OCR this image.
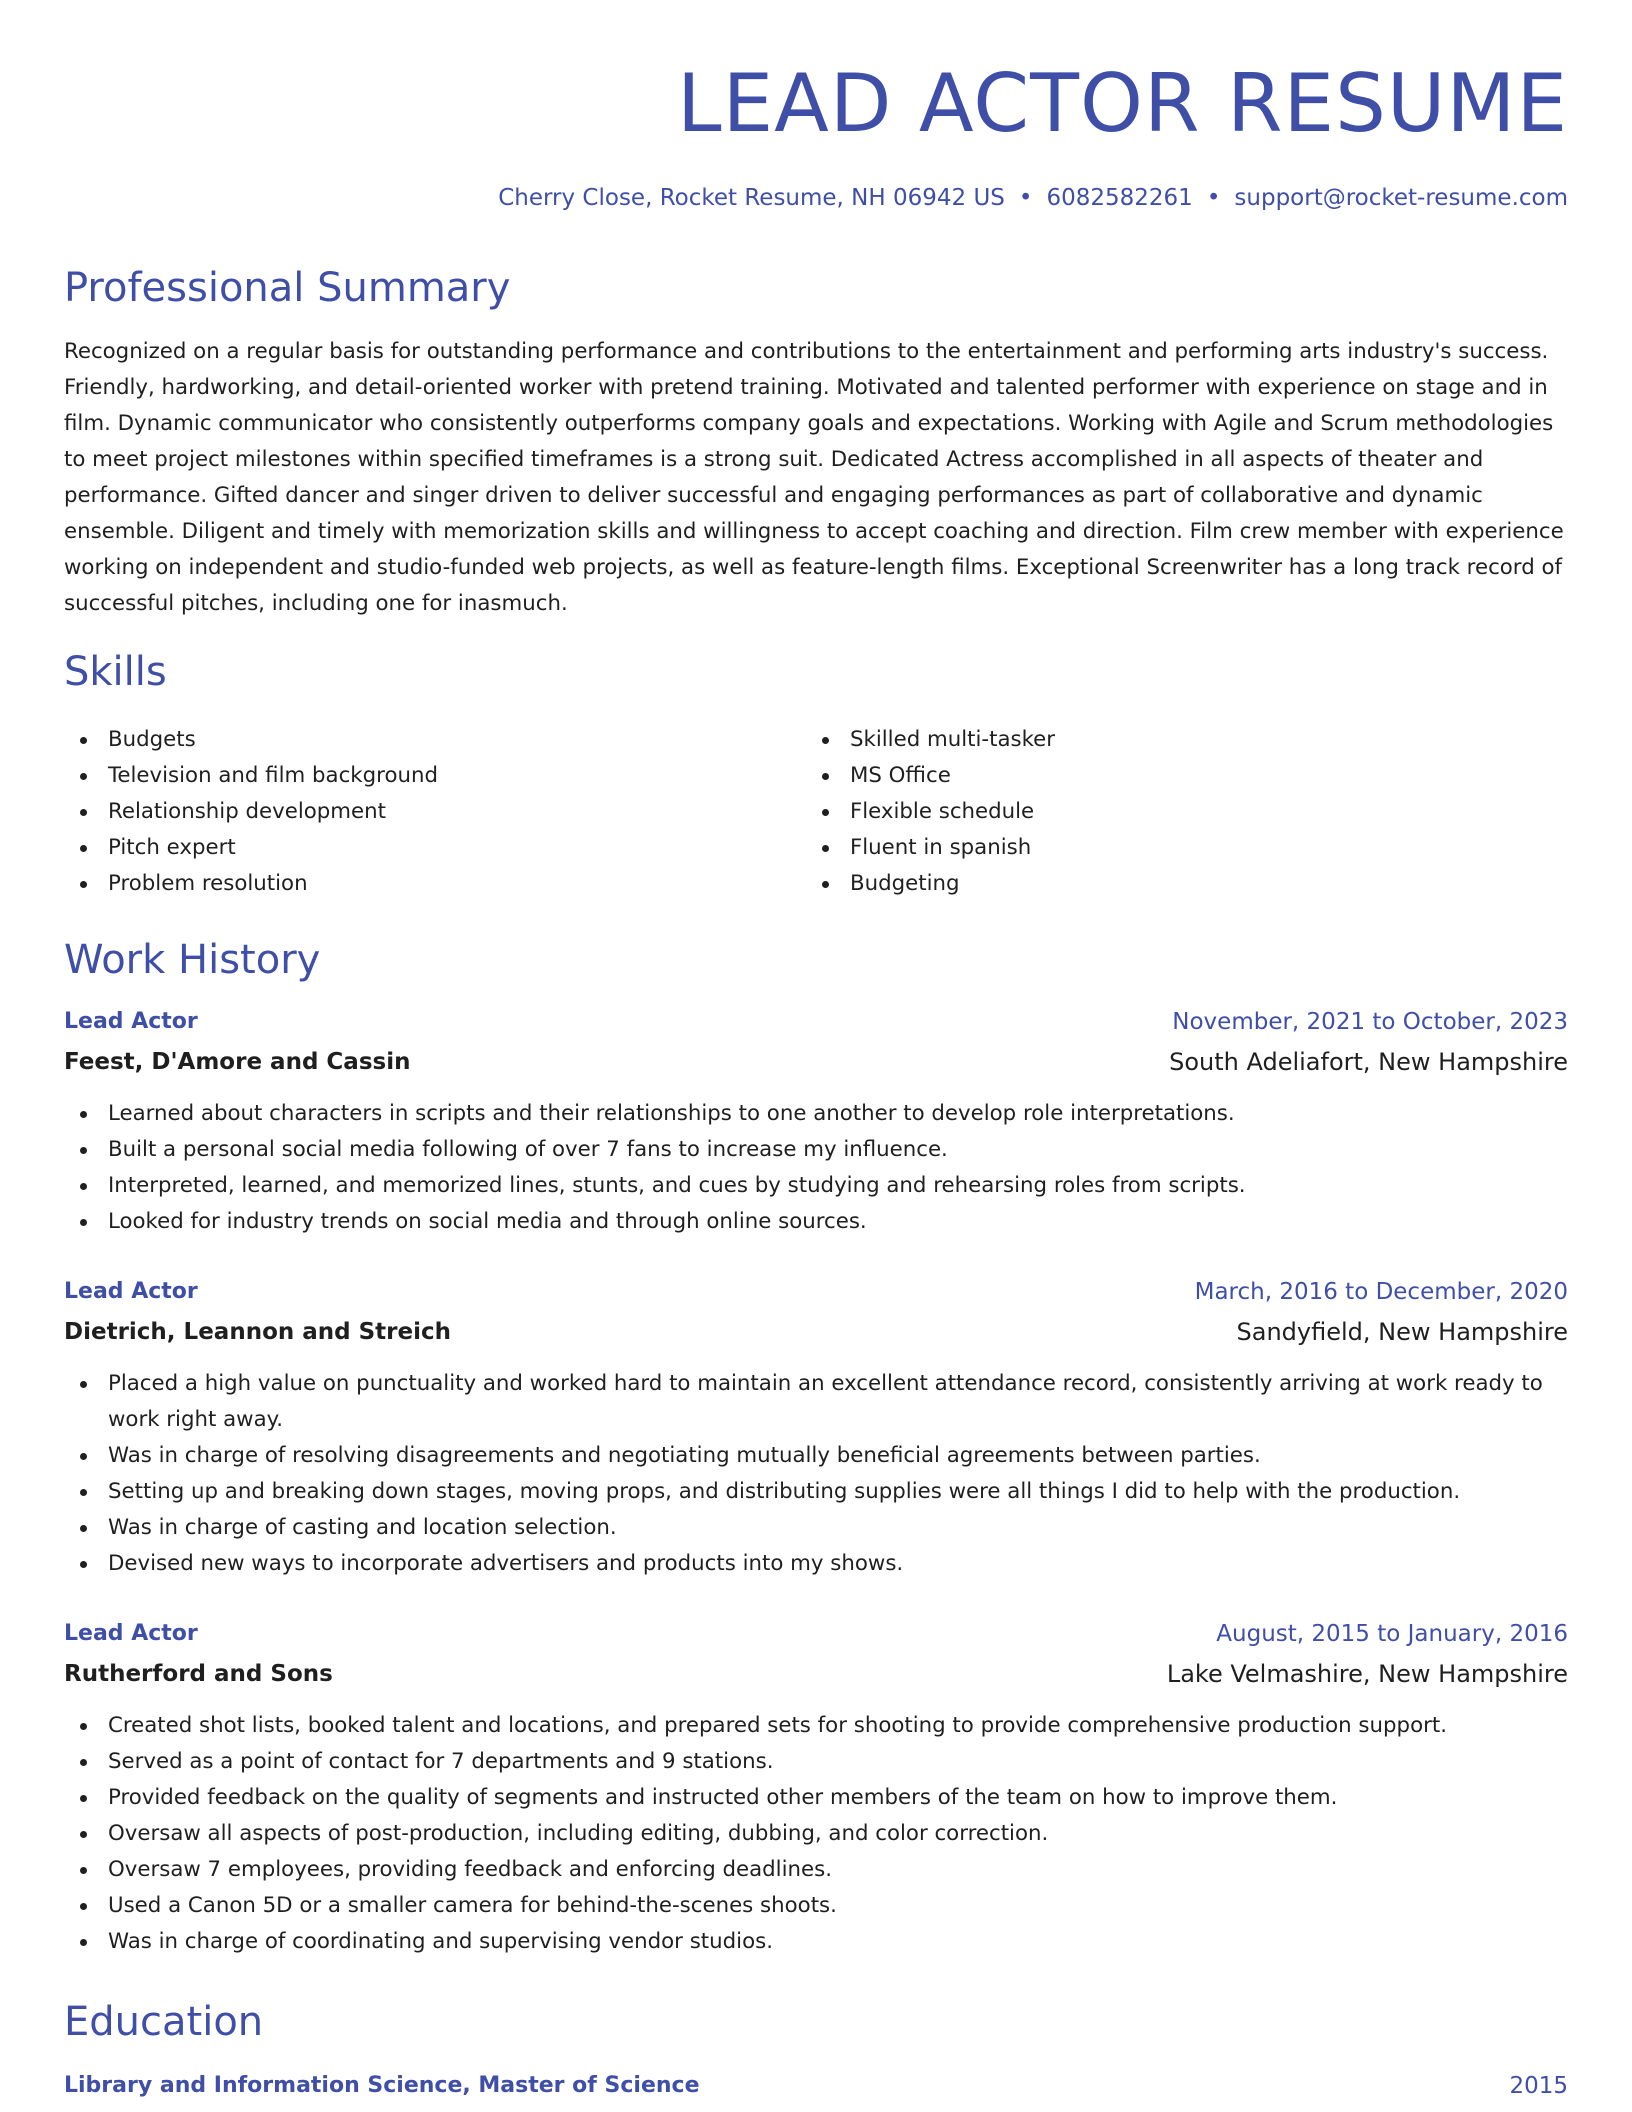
LEAD ACTOR RESUME
Cherry Close, Rocket Resume, NH 06942 US • 6082582261 • support@rocket-resume.com
Professional Summary

Recognized on a regular basis for outstanding performance and contributions to the entertainment and performing arts industry's success. Friendly, hardworking, and detail-oriented worker with pretend training. Motivated and talented performer with experience on stage and in film. Dynamic communicator who consistently outperforms company goals and expectations. Working with Agile and Scrum methodologies to meet project milestones within specified timeframes is a strong suit. Dedicated Actress accomplished in all aspects of theater and performance. Gifted dancer and singer driven to deliver successful and engaging performances as part of collaborative and dynamic ensemble. Diligent and timely with memorization skills and willingness to accept coaching and direction. Film crew member with experience working on independent and studio-funded web projects, as well as feature-length films. Exceptional Screenwriter has a long track record of successful pitches, including one for inasmuch.

Skills
Budgets
Television and film background
Relationship development
Pitch expert
Problem resolution
Skilled multi-tasker
MS Office
Flexible schedule
Fluent in spanish
Budgeting
Work History
Lead Actor	November, 2021 to October, 2023
Feest, D'Amore and Cassin	South Adeliafort, New Hampshire
Learned about characters in scripts and their relationships to one another to develop role interpretations.
Built a personal social media following of over 7 fans to increase my influence.
Interpreted, learned, and memorized lines, stunts, and cues by studying and rehearsing roles from scripts.
Looked for industry trends on social media and through online sources.
Lead Actor	March, 2016 to December, 2020
Dietrich, Leannon and Streich	Sandyfield, New Hampshire
Placed a high value on punctuality and worked hard to maintain an excellent attendance record, consistently arriving at work ready to work right away.
Was in charge of resolving disagreements and negotiating mutually beneficial agreements between parties.
Setting up and breaking down stages, moving props, and distributing supplies were all things I did to help with the production.
Was in charge of casting and location selection.
Devised new ways to incorporate advertisers and products into my shows.
Lead Actor	August, 2015 to January, 2016
Rutherford and Sons	Lake Velmashire, New Hampshire
Created shot lists, booked talent and locations, and prepared sets for shooting to provide comprehensive production support.
Served as a point of contact for 7 departments and 9 stations.
Provided feedback on the quality of segments and instructed other members of the team on how to improve them.
Oversaw all aspects of post-production, including editing, dubbing, and color correction.
Oversaw 7 employees, providing feedback and enforcing deadlines.
Used a Canon 5D or a smaller camera for behind-the-scenes shoots.
Was in charge of coordinating and supervising vendor studios.
Education
Library and Information Science, Master of Science	2015
